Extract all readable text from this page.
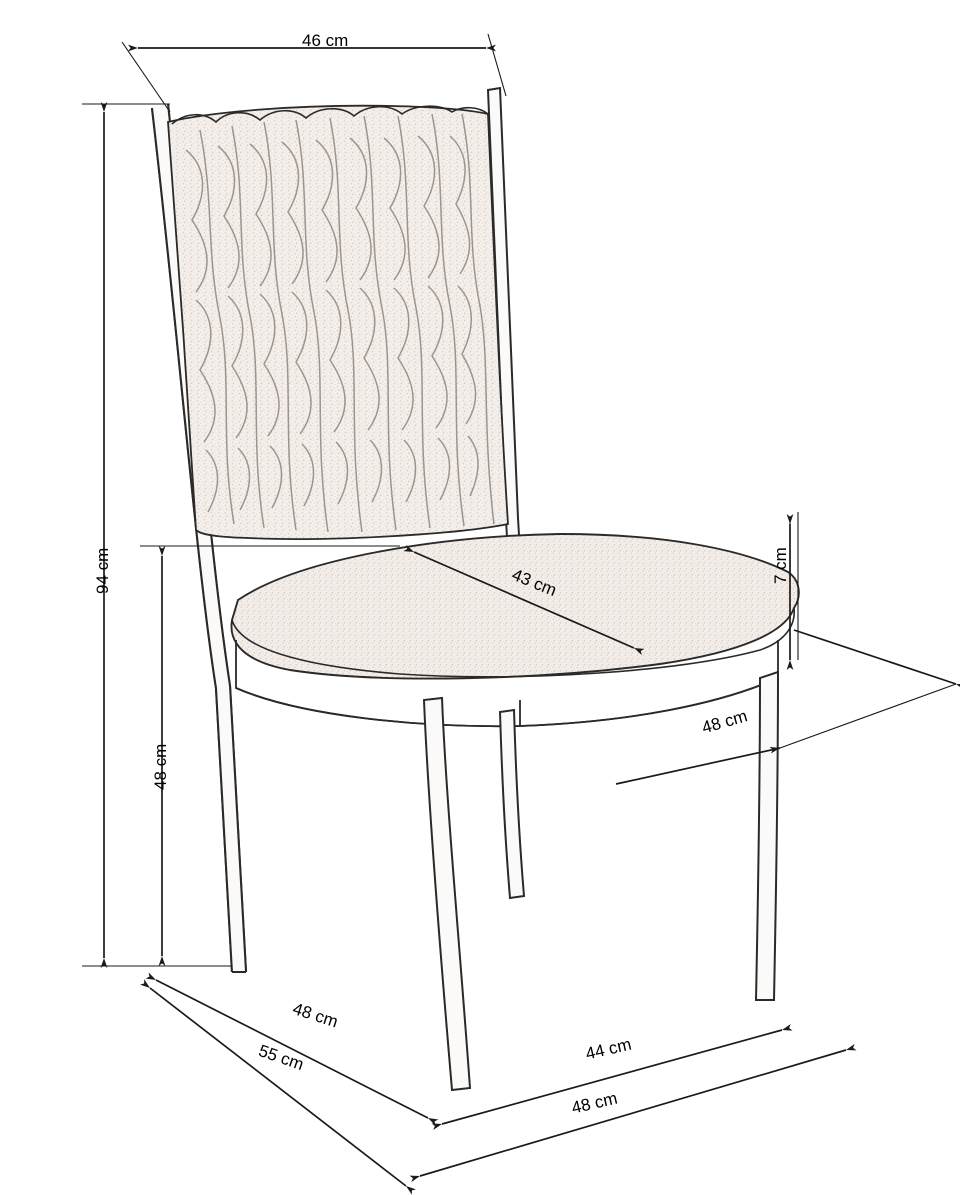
46 cm
94 cm
48 cm
43 cm	7 cm
48 cm
48 cm
55 cm	44 cm
48 cm
